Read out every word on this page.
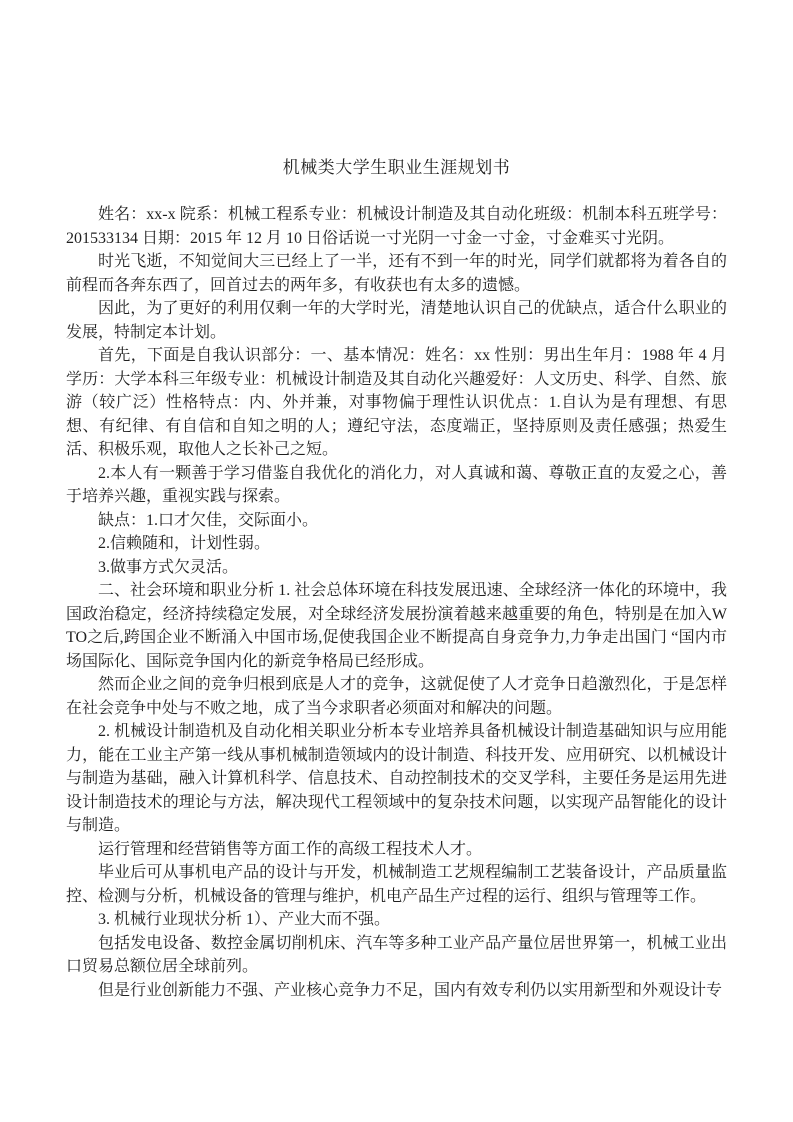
机械类大学生职业生涯规划书

姓名：xx-x 院系：机械工程系专业：机械设计制造及其自动化班级：机制本科五班学号：201533134 日期：2015 年 12 月 10 日俗话说一寸光阴一寸金一寸金，寸金难买寸光阴。

时光飞逝，不知觉间大三已经上了一半，还有不到一年的时光，同学们就都将为着各自的前程而各奔东西了，回首过去的两年多，有收获也有太多的遗憾。

因此，为了更好的利用仅剩一年的大学时光，清楚地认识自己的优缺点，适合什么职业的发展，特制定本计划。

首先，下面是自我认识部分：一、基本情况：姓名：xx 性别：男出生年月：1988 年 4 月学历：大学本科三年级专业：机械设计制造及其自动化兴趣爱好：人文历史、科学、自然、旅游（较广泛）性格特点：内、外并兼，对事物偏于理性认识优点：1.自认为是有理想、有思想、有纪律、有自信和自知之明的人；遵纪守法，态度端正，坚持原则及责任感强；热爱生活、积极乐观，取他人之长补己之短。

2.本人有一颗善于学习借鉴自我优化的消化力，对人真诚和蔼、尊敬正直的友爱之心，善于培养兴趣，重视实践与探索。

缺点：1.口才欠佳，交际面小。

2.信赖随和，计划性弱。

3.做事方式欠灵活。

二、社会环境和职业分析 1. 社会总体环境在科技发展迅速、全球经济一体化的环境中，我国政治稳定，经济持续稳定发展，对全球经济发展扮演着越来越重要的角色，特别是在加入WTO之后,跨国企业不断涌入中国市场,促使我国企业不断提高自身竞争力,力争走出国门 “国内市场国际化、国际竞争国内化的新竞争格局已经形成。

然而企业之间的竞争归根到底是人才的竞争，这就促使了人才竞争日趋激烈化，于是怎样在社会竞争中处与不败之地，成了当今求职者必须面对和解决的问题。

2. 机械设计制造机及自动化相关职业分析本专业培养具备机械设计制造基础知识与应用能力，能在工业主产第一线从事机械制造领域内的设计制造、科技开发、应用研究、以机械设计与制造为基础，融入计算机科学、信息技术、自动控制技术的交叉学科，主要任务是运用先进设计制造技术的理论与方法，解决现代工程领域中的复杂技术问题，以实现产品智能化的设计与制造。

运行管理和经营销售等方面工作的高级工程技术人才。

毕业后可从事机电产品的设计与开发，机械制造工艺规程编制工艺装备设计，产品质量监控、检测与分析，机械设备的管理与维护，机电产品生产过程的运行、组织与管理等工作。

3. 机械行业现状分析 1）、产业大而不强。

包括发电设备、数控金属切削机床、汽车等多种工业产品产量位居世界第一，机械工业出口贸易总额位居全球前列。

但是行业创新能力不强、产业核心竞争力不足，国内有效专利仍以实用新型和外观设计专
